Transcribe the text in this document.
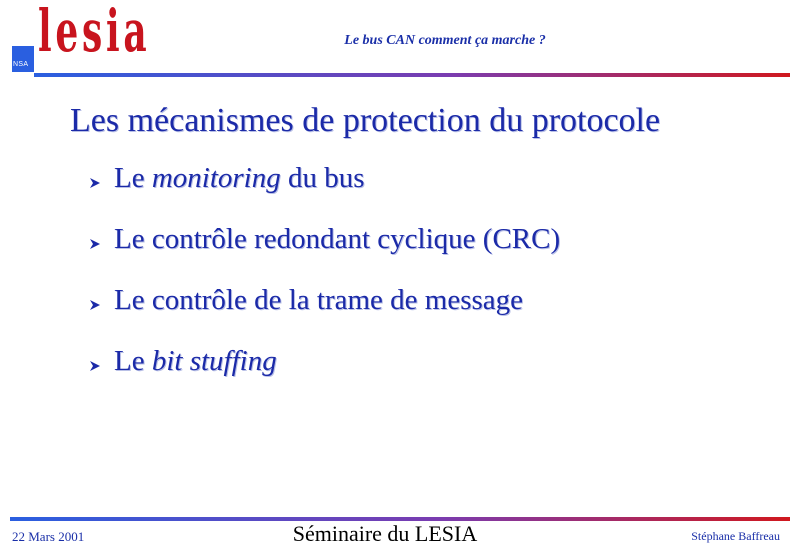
NSA lesia	Le bus CAN comment ça marche ?
Les mécanismes de protection du protocole
Le monitoring du bus
Le contrôle redondant cyclique (CRC)
Le contrôle de la trame de message
Le bit stuffing
22 Mars 2001	Séminaire du LESIA	Stéphane Baffreau
